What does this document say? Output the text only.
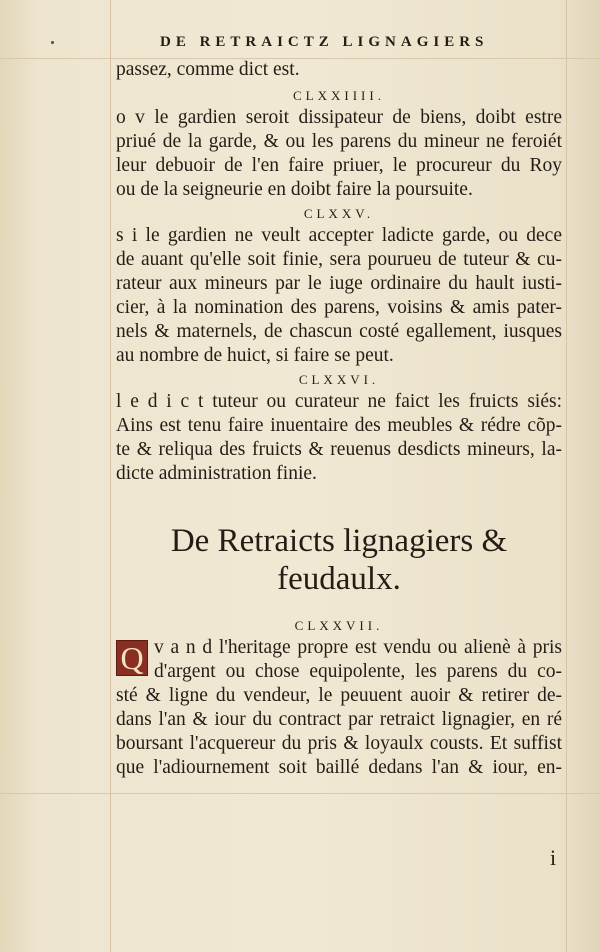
DE RETRAICTZ LIGNAGIERS
passez, comme dict est.
CLXXIIII.
o v le gardien seroit dissipateur de biens, doibt estre
priué de la garde, & ou les parens du mineur ne feroiét
leur debuoir de l'en faire priuer, le procureur du Roy
ou de la seigneurie en doibt faire la poursuite.
CLXXV.
s i le gardien ne veult accepter ladicte garde, ou dece
de auant qu'elle soit finie, sera pourueu de tuteur & cu-
rateur aux mineurs par le iuge ordinaire du hault iusti-
cier, à la nomination des parens, voisins & amis pater-
nels & maternels, de chascun costé egallement, iusques
au nombre de huict, si faire se peut.
CLXXVI.
l e d i c t tuteur ou curateur ne faict les fruicts siés:
Ains est tenu faire inuentaire des meubles & rédre cõp-
te & reliqua des fruicts & reuenus desdicts mineurs, la-
dicte administration finie.
De Retraicts lignagiers &
feudaulx.
CLXXVII.
Q v a n d l'heritage propre est vendu ou alienè à pris
d'argent ou chose equipolente, les parens du co-
sté & ligne du vendeur, le peuuent auoir & retirer de-
dans l'an & iour du contract par retraict lignagier, en ré
boursant l'acquereur du pris & loyaulx cousts. Et suffist
que l'adiournement soit baillé dedans l'an & iour, en-
i
